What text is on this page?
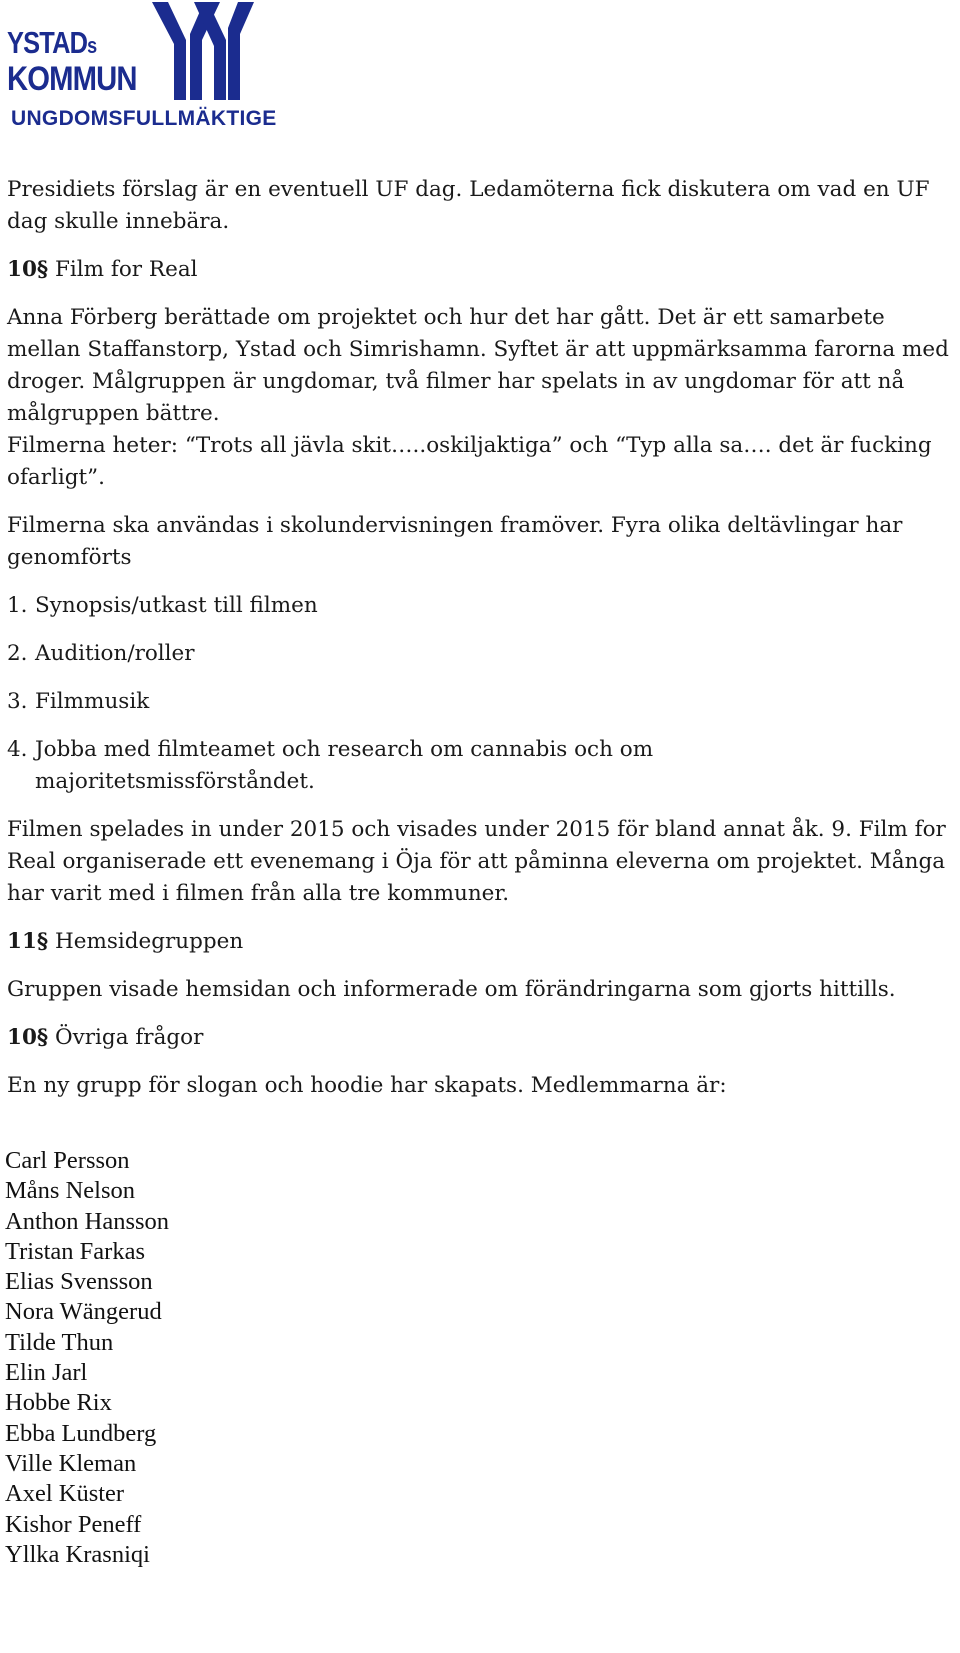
YSTADs
KOMMUN
UNGDOMSFULLMÄKTIGE

Presidiets förslag är en eventuell UF dag. Ledamöterna fick diskutera om vad en UF dag skulle innebära.

10§ Film for Real

Anna Förberg berättade om projektet och hur det har gått. Det är ett samarbete mellan Staffanstorp, Ystad och Simrishamn. Syftet är att uppmärksamma farorna med droger. Målgruppen är ungdomar, två filmer har spelats in av ungdomar för att nå målgruppen bättre.

Filmerna heter: “Trots all jävla skit…..oskiljaktiga” och “Typ alla sa…. det är fucking ofarligt”.

Filmerna ska användas i skolundervisningen framöver. Fyra olika deltävlingar har genomförts

1. Synopsis/utkast till filmen

2. Audition/roller

3. Filmmusik

4. Jobba med filmteamet och research om cannabis och om majoritetsmissförståndet.

Filmen spelades in under 2015 och visades under 2015 för bland annat åk. 9. Film for Real organiserade ett evenemang i Öja för att påminna eleverna om projektet. Många har varit med i filmen från alla tre kommuner.

11§ Hemsidegruppen

Gruppen visade hemsidan och informerade om förändringarna som gjorts hittills.

10§ Övriga frågor

En ny grupp för slogan och hoodie har skapats. Medlemmarna är:

Carl Persson
Måns Nelson
Anthon Hansson
Tristan Farkas
Elias Svensson
Nora Wängerud
Tilde Thun
Elin Jarl
Hobbe Rix
Ebba Lundberg
Ville Kleman
Axel Küster
Kishor Peneff
Yllka Krasniqi
